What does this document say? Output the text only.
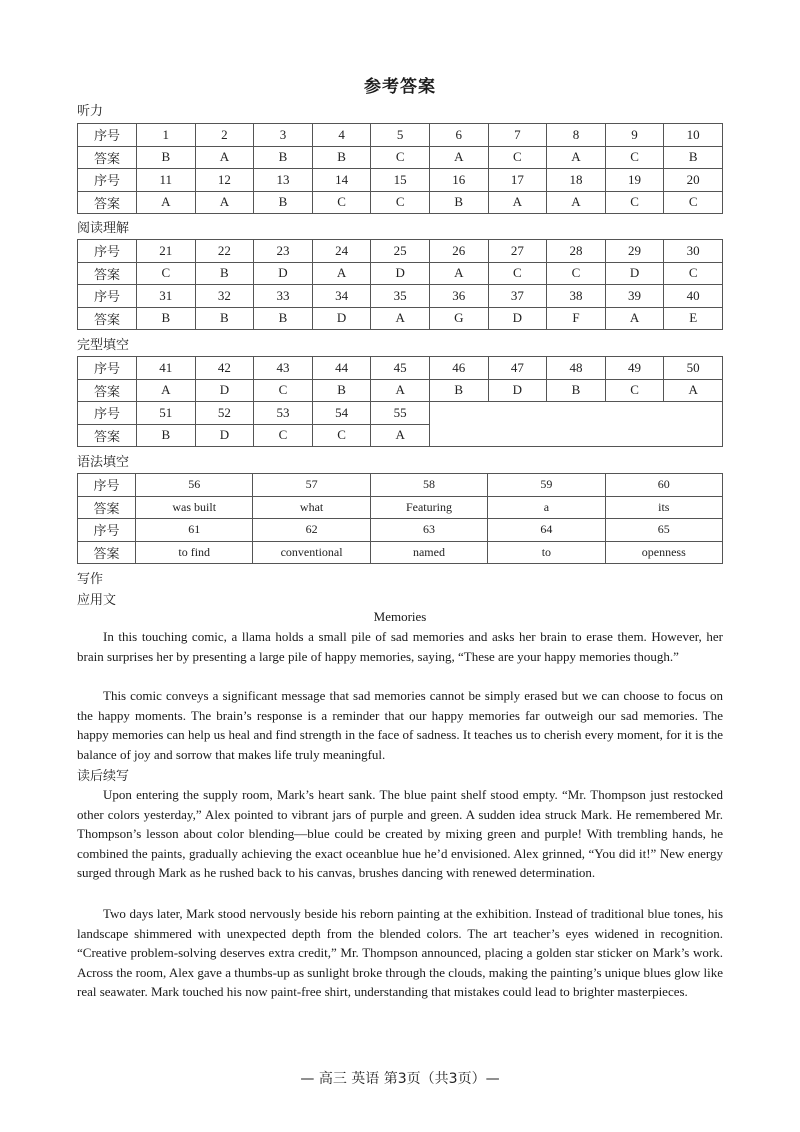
参考答案
听力
序号	1	2	3	4	5	6	7	8	9	10
答案	B	A	B	B	C	A	C	A	C	B
序号	11	12	13	14	15	16	17	18	19	20
答案	A	A	B	C	C	B	A	A	C	C
阅读理解
序号	21	22	23	24	25	26	27	28	29	30
答案	C	B	D	A	D	A	C	C	D	C
序号	31	32	33	34	35	36	37	38	39	40
答案	B	B	B	D	A	G	D	F	A	E
完型填空
序号	41	42	43	44	45	46	47	48	49	50
答案	A	D	C	B	A	B	D	B	C	A
序号	51	52	53	54	55					
答案	B	D	C	C	A					
语法填空
序号	56	57	58	59	60
答案	was built	what	Featuring	a	its
序号	61	62	63	64	65
答案	to find	conventional	named	to	openness
写作
应用文
Memories
In this touching comic, a llama holds a small pile of sad memories and asks her brain to erase them. However, her brain surprises her by presenting a large pile of happy memories, saying, “These are your happy memories though.”
This comic conveys a significant message that sad memories cannot be simply erased but we can choose to focus on the happy moments. The brain’s response is a reminder that our happy memories far outweigh our sad memories. The happy memories can help us heal and find strength in the face of sadness. It teaches us to cherish every moment, for it is the balance of joy and sorrow that makes life truly meaningful.
读后续写
Upon entering the supply room, Mark’s heart sank. The blue paint shelf stood empty. “Mr. Thompson just restocked other colors yesterday,” Alex pointed to vibrant jars of purple and green. A sudden idea struck Mark. He remembered Mr. Thompson’s lesson about color blending—blue could be created by mixing green and purple! With trembling hands, he combined the paints, gradually achieving the exact oceanblue hue he’d envisioned. Alex grinned, “You did it!” New energy surged through Mark as he rushed back to his canvas, brushes dancing with renewed determination.
Two days later, Mark stood nervously beside his reborn painting at the exhibition. Instead of traditional blue tones, his landscape shimmered with unexpected depth from the blended colors. The art teacher’s eyes widened in recognition. “Creative problem-solving deserves extra credit,” Mr. Thompson announced, placing a golden star sticker on Mark’s work. Across the room, Alex gave a thumbs-up as sunlight broke through the clouds, making the painting’s unique blues glow like real seawater. Mark touched his now paint-free shirt, understanding that mistakes could lead to brighter masterpieces.
— 高三 英语 第3页（共3页）—
